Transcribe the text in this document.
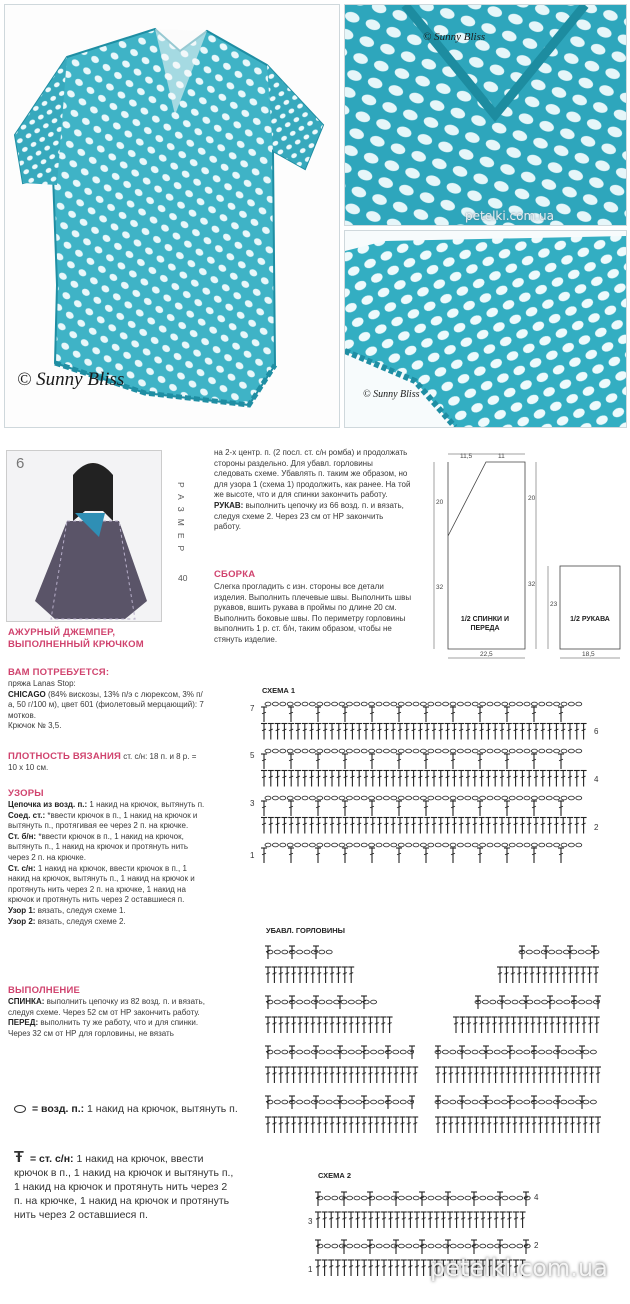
© Sunny Bliss
© Sunny Bliss
petelki.com.ua
© Sunny Bliss
6
РАЗМЕР
40
АЖУРНЫЙ ДЖЕМПЕР, ВЫПОЛНЕННЫЙ КРЮЧКОМ
ВАМ ПОТРЕБУЕТСЯ:

пряжа Lanas Stop:

CHICAGO (84% вискозы, 13% п/э с люрексом, 3% п/а, 50 г/100 м), цвет 601 (фиолетовый мерцающий): 7 мотков.

Крючок № 3,5.

ПЛОТНОСТЬ ВЯЗАНИЯ ст. с/н: 18 п. и 8 р. = 10 х 10 см.

УЗОРЫ

Цепочка из возд. п.: 1 накид на крючок, вытянуть п.

Соед. ст.: *ввести крючок в п., 1 накид на крючок и вытянуть п., протягивая ее через 2 п. на крючке.

Ст. б/н: *ввести крючок в п., 1 накид на крючок, вытянуть п., 1 накид на крючок и протянуть нить через 2 п. на крючке.

Ст. с/н: 1 накид на крючок, ввести крючок в п., 1 накид на крючок, вытянуть п., 1 накид на крючок и протянуть нить через 2 п. на крючке, 1 накид на крючок и протянуть нить через 2 оставшиеся п.

Узор 1: вязать, следуя схеме 1.

Узор 2: вязать, следуя схеме 2.

ВЫПОЛНЕНИЕ

СПИНКА: выполнить цепочку из 82 возд. п. и вязать, следуя схеме. Через 52 см от НР закончить работу.

ПЕРЕД: выполнить ту же работу, что и для спинки. Через 32 см от НР для горловины, не вязать

на 2-х центр. п. (2 посл. ст. с/н ромба) и продолжать стороны раздельно. Для убавл. горловины следовать схеме. Убавлять п. таким же образом, но для узора 1 (схема 1) продолжить, как ранее. На той же высоте, что и для спинки закончить работу.

РУКАВ: выполнить цепочку из 66 возд. п. и вязать, следуя схеме 2. Через 23 см от НР закончить работу.

СБОРКА
Слегка прогладить с изн. стороны все детали изделия. Выполнить плечевые швы. Выполнить швы рукавов, вшить рукава в проймы по длине 20 см. Выполнить боковые швы. По периметру горловины выполнить 1 р. ст. б/н, таким образом, чтобы не стянуть изделие.
11,5	11
20
20
32	32
22,5
23
18,5
1/2 СПИНКИ И ПЕРЕДА
1/2 РУКАВА
СХЕМА 1
7
3
5
1
6
4
2
УБАВЛ. ГОРЛОВИНЫ
= возд. п.: 1 накид на крючок, вытянуть п.
Ŧ = ст. с/н: 1 накид на крючок, ввести крючок в п., 1 накид на крючок и вытянуть п., 1 накид на крючок и протянуть нить через 2 п. на крючке, 1 накид на крючок и протянуть нить через 2 оставшиеся п.
СХЕМА 2
3
1
4
2
petelki.com.ua
